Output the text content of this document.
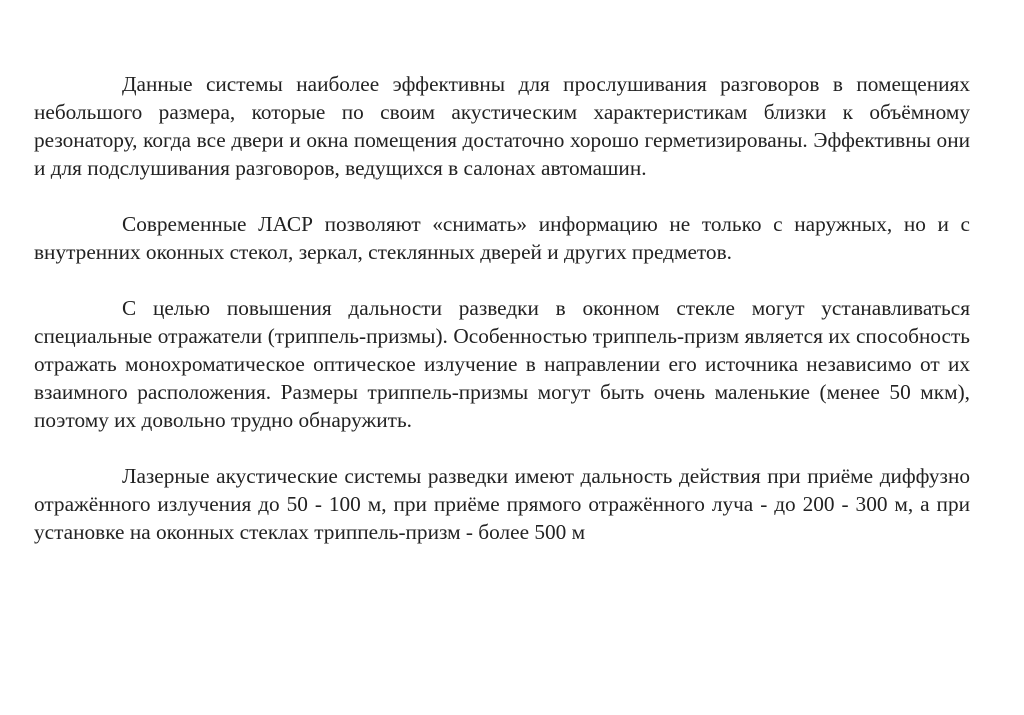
Данные системы наиболее эффективны для прослушивания разговоров в помещениях небольшого размера, которые по своим акустическим характеристикам близки к объёмному резонатору, когда все двери и окна помещения достаточно хорошо герметизированы. Эффективны они и для подслушивания разговоров, ведущихся в салонах автомашин.

Современные ЛАСР позволяют «снимать» информацию не только с наружных, но и с внутренних оконных стекол, зеркал, стеклянных дверей и других предметов.

С целью повышения дальности разведки в оконном стекле могут устанавливаться специальные отражатели (триппель-призмы). Особенностью триппель-призм является их способность отражать монохроматическое оптическое излучение в направлении его источника независимо от их взаимного расположения. Размеры триппель-призмы могут быть очень маленькие (менее 50 мкм), поэтому их довольно трудно обнаружить.

Лазерные акустические системы разведки имеют дальность действия при приёме диффузно отражённого излучения до 50 - 100 м, при приёме прямого отражённого луча - до 200 - 300 м, а при установке на оконных стеклах триппель-призм - более 500 м
